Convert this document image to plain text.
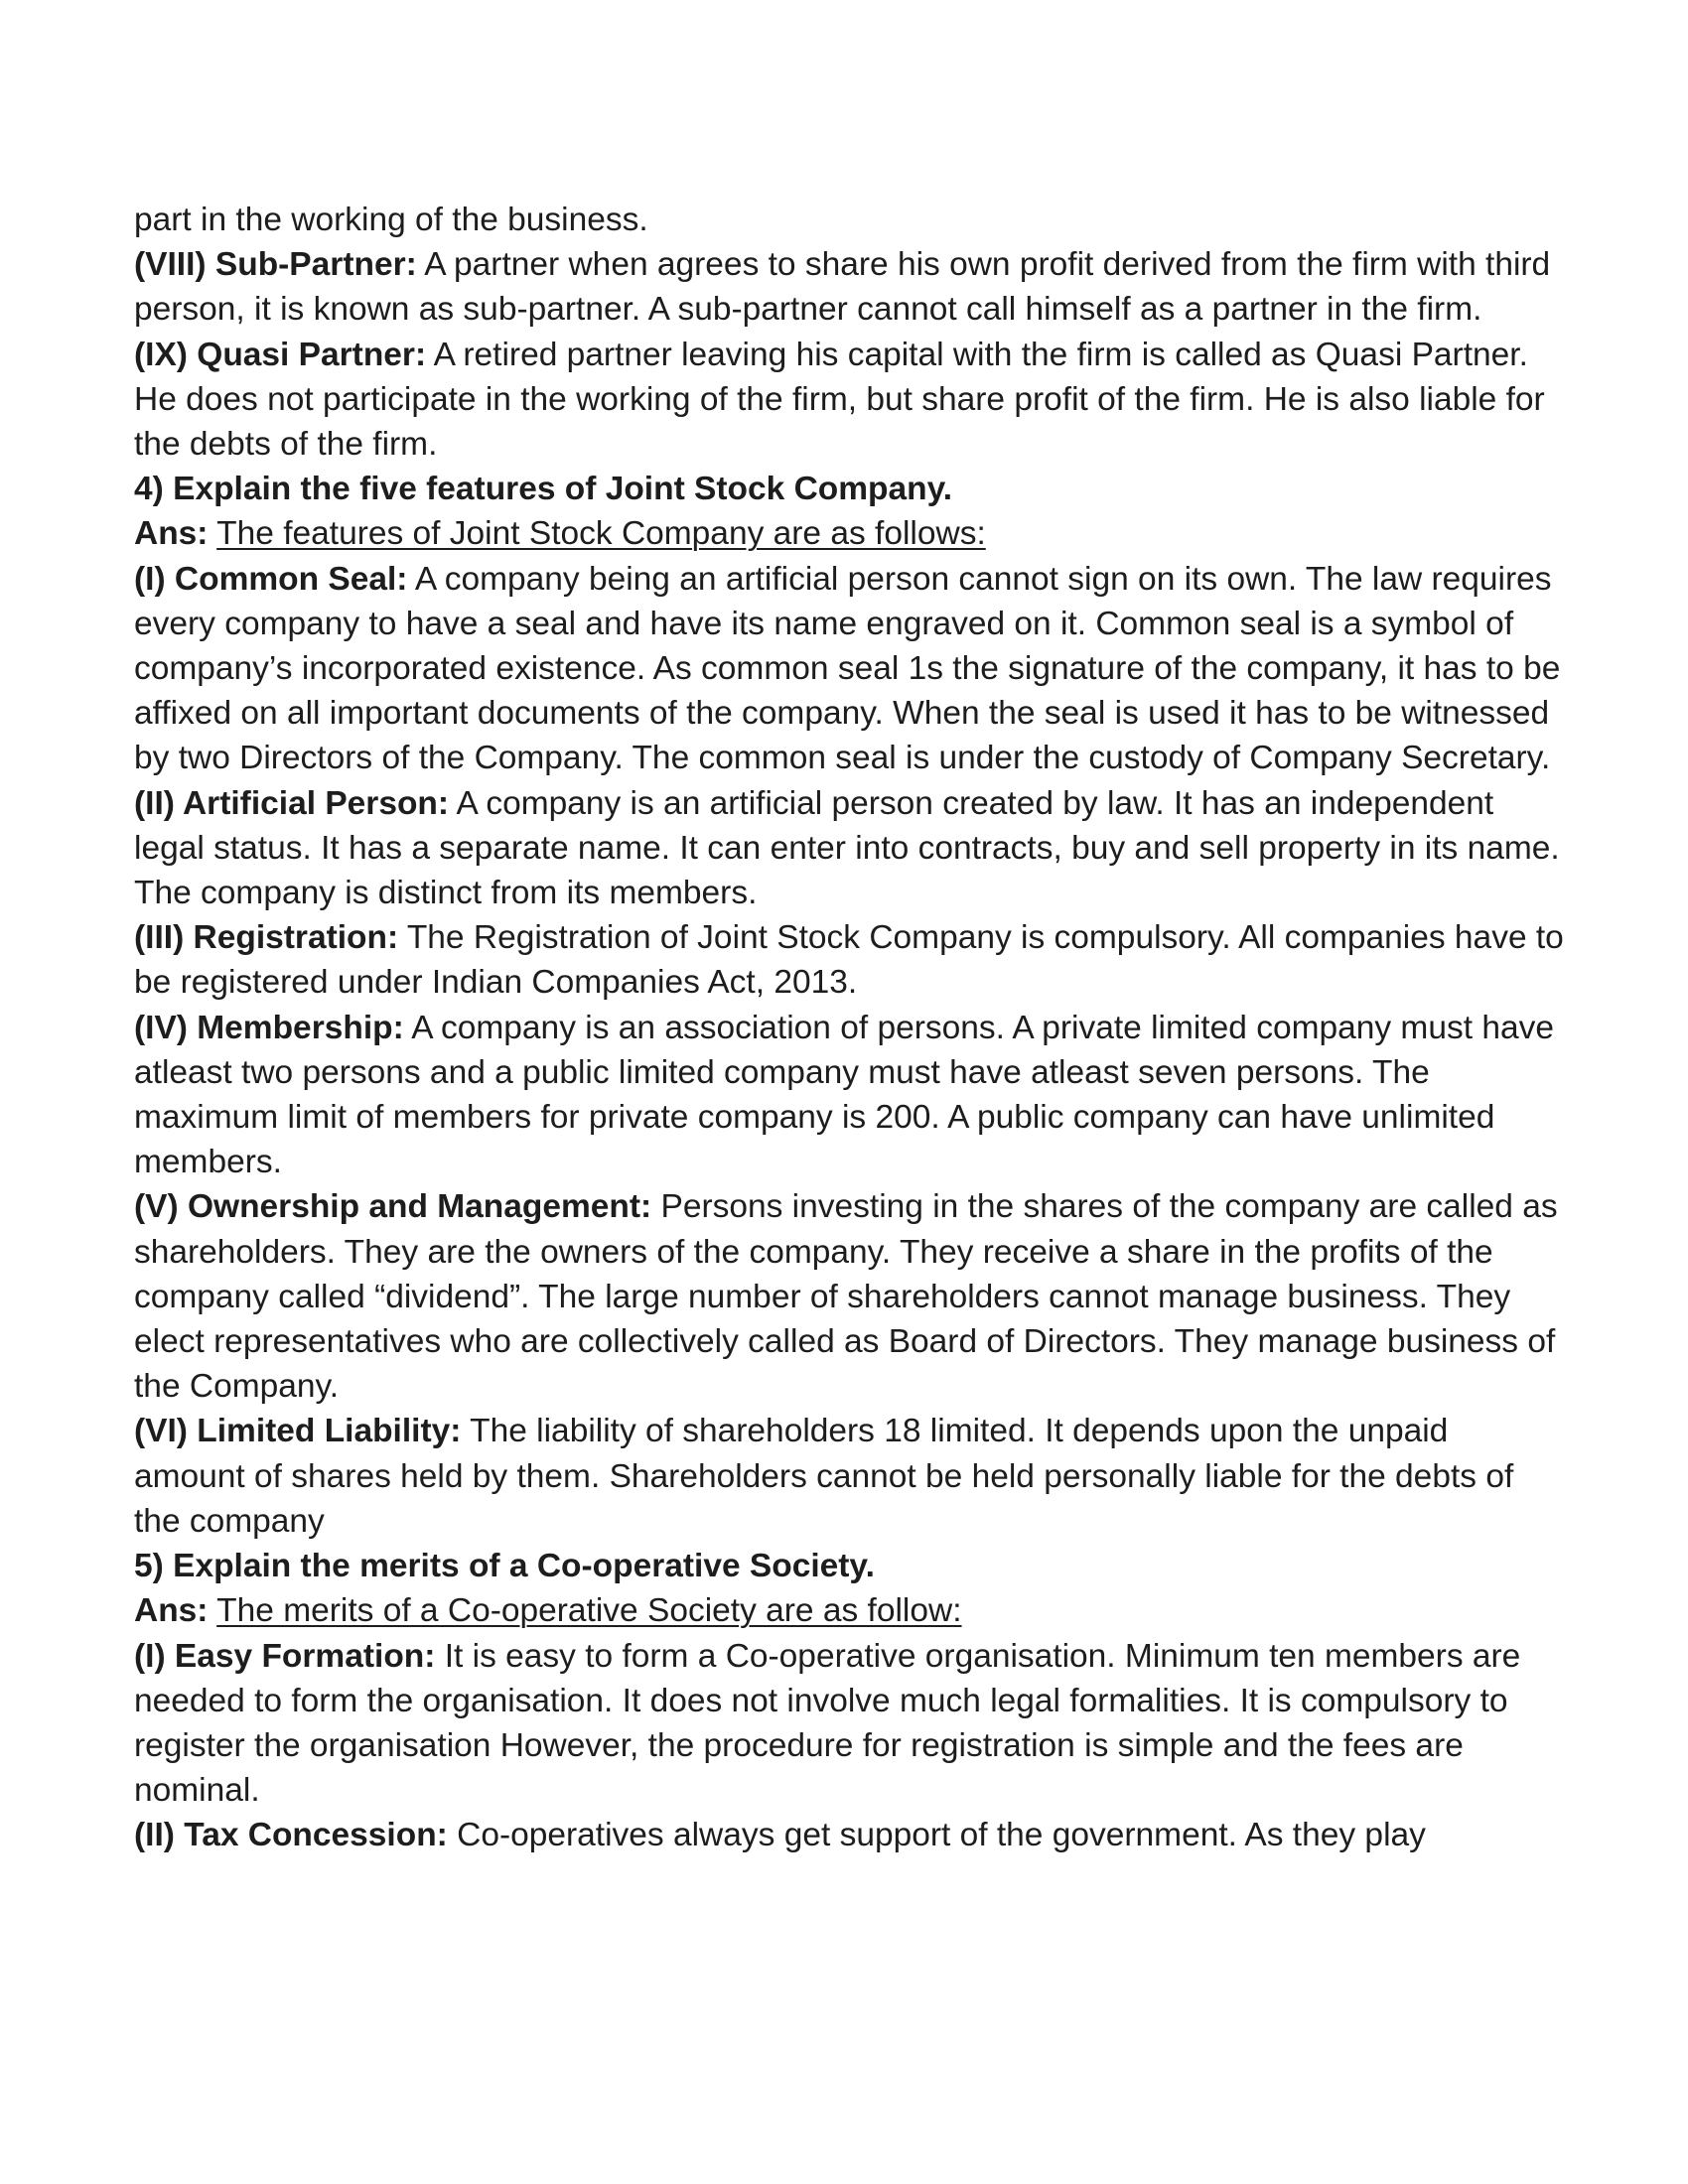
part in the working of the business.

(VIII) Sub-Partner: A partner when agrees to share his own profit derived from the firm with third person, it is known as sub-partner. A sub-partner cannot call himself as a partner in the firm.

(IX) Quasi Partner: A retired partner leaving his capital with the firm is called as Quasi Partner. He does not participate in the working of the firm, but share profit of the firm. He is also liable for the debts of the firm.

4) Explain the five features of Joint Stock Company.

Ans: The features of Joint Stock Company are as follows:

(I) Common Seal: A company being an artificial person cannot sign on its own. The law requires every company to have a seal and have its name engraved on it. Common seal is a symbol of company’s incorporated existence. As common seal 1s the signature of the company, it has to be affixed on all important documents of the company. When the seal is used it has to be witnessed by two Directors of the Company. The common seal is under the custody of Company Secretary.

(II) Artificial Person: A company is an artificial person created by law. It has an independent legal status. It has a separate name. It can enter into contracts, buy and sell property in its name. The company is distinct from its members.

(III) Registration: The Registration of Joint Stock Company is compulsory. All companies have to be registered under Indian Companies Act, 2013.

(IV) Membership: A company is an association of persons. A private limited company must have atleast two persons and a public limited company must have atleast seven persons. The maximum limit of members for private company is 200. A public company can have unlimited members.

(V) Ownership and Management: Persons investing in the shares of the company are called as shareholders. They are the owners of the company. They receive a share in the profits of the company called “dividend”. The large number of shareholders cannot manage business. They elect representatives who are collectively called as Board of Directors. They manage business of the Company.

(VI) Limited Liability: The liability of shareholders 18 limited. It depends upon the unpaid amount of shares held by them. Shareholders cannot be held personally liable for the debts of the company

5) Explain the merits of a Co-operative Society.

Ans: The merits of a Co-operative Society are as follow:

(I) Easy Formation: It is easy to form a Co-operative organisation. Minimum ten members are needed to form the organisation. It does not involve much legal formalities. It is compulsory to register the organisation However, the procedure for registration is simple and the fees are nominal.

(II) Tax Concession: Co-operatives always get support of the government. As they play
